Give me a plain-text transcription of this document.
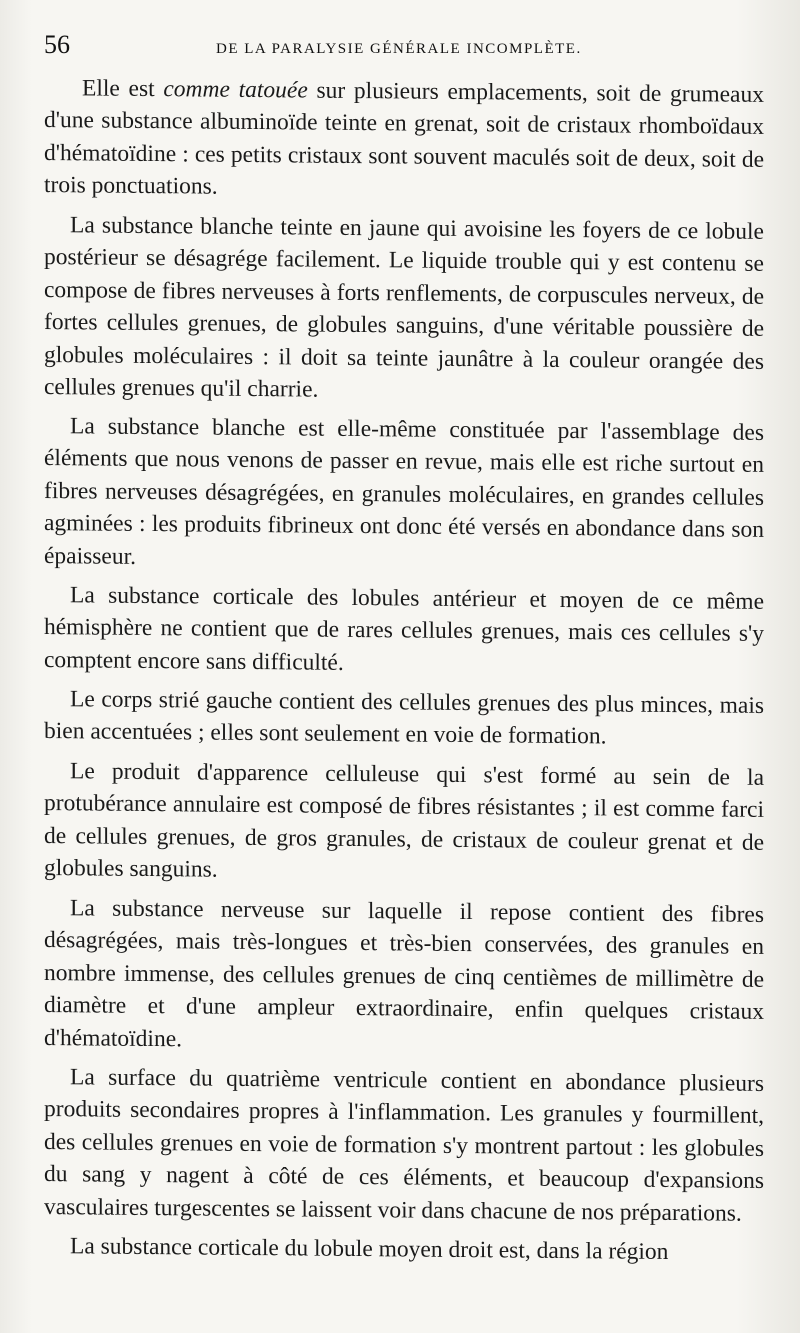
56	DE LA PARALYSIE GÉNÉRALE INCOMPLÈTE.

Elle est comme tatouée sur plusieurs emplacements, soit de grumeaux d'une substance albuminoïde teinte en grenat, soit de cristaux rhomboïdaux d'hématoïdine : ces petits cristaux sont souvent maculés soit de deux, soit de trois ponctuations.

La substance blanche teinte en jaune qui avoisine les foyers de ce lobule postérieur se désagrége facilement. Le liquide trouble qui y est contenu se compose de fibres nerveuses à forts renflements, de corpuscules nerveux, de fortes cellules grenues, de globules sanguins, d'une véritable poussière de globules moléculaires : il doit sa teinte jaunâtre à la couleur orangée des cellules grenues qu'il charrie.

La substance blanche est elle-même constituée par l'assemblage des éléments que nous venons de passer en revue, mais elle est riche surtout en fibres nerveuses désagrégées, en granules moléculaires, en grandes cellules agminées : les produits fibrineux ont donc été versés en abondance dans son épaisseur.

La substance corticale des lobules antérieur et moyen de ce même hémisphère ne contient que de rares cellules grenues, mais ces cellules s'y comptent encore sans difficulté.

Le corps strié gauche contient des cellules grenues des plus minces, mais bien accentuées ; elles sont seulement en voie de formation.

Le produit d'apparence celluleuse qui s'est formé au sein de la protubérance annulaire est composé de fibres résistantes ; il est comme farci de cellules grenues, de gros granules, de cristaux de couleur grenat et de globules sanguins.

La substance nerveuse sur laquelle il repose contient des fibres désagrégées, mais très-longues et très-bien conservées, des granules en nombre immense, des cellules grenues de cinq centièmes de millimètre de diamètre et d'une ampleur extraordinaire, enfin quelques cristaux d'hématoïdine.

La surface du quatrième ventricule contient en abondance plusieurs produits secondaires propres à l'inflammation. Les granules y fourmillent, des cellules grenues en voie de formation s'y montrent partout : les globules du sang y nagent à côté de ces éléments, et beaucoup d'expansions vasculaires turgescentes se laissent voir dans chacune de nos préparations.

La substance corticale du lobule moyen droit est, dans la région
